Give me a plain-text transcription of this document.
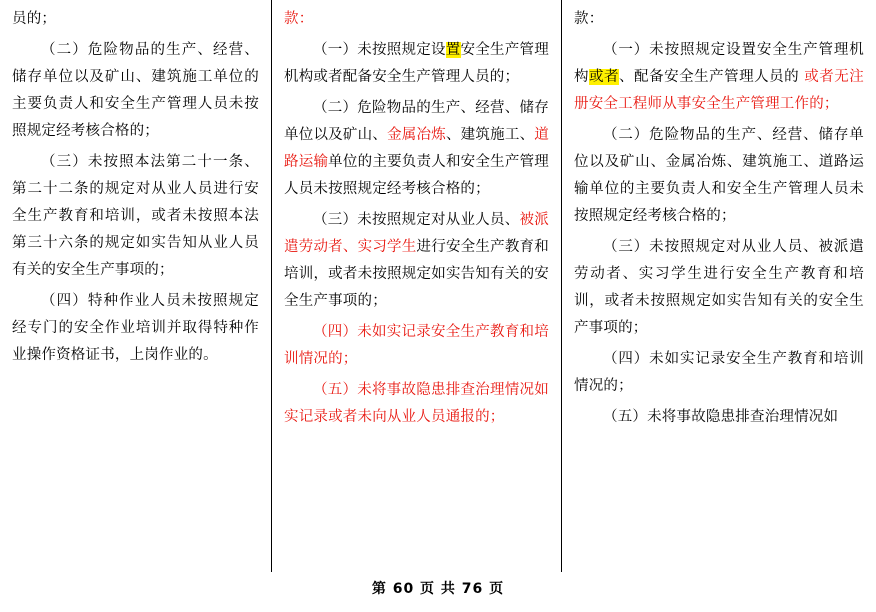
员的；

（二）危险物品的生产、经营、储存单位以及矿山、建筑施工单位的主要负责人和安全生产管理人员未按照规定经考核合格的；

（三）未按照本法第二十一条、第二十二条的规定对从业人员进行安全生产教育和培训，或者未按照本法第三十六条的规定如实告知从业人员有关的安全生产事项的；

（四）特种作业人员未按照规定经专门的安全作业培训并取得特种作业操作资格证书，上岗作业的。

款：

（一）未按照规定设置安全生产管理机构或者配备安全生产管理人员的；

（二）危险物品的生产、经营、储存单位以及矿山、金属冶炼、建筑施工、道路运输单位的主要负责人和安全生产管理人员未按照规定经考核合格的；

（三）未按照规定对从业人员、被派遣劳动者、实习学生进行安全生产教育和培训，或者未按照规定如实告知有关的安全生产事项的；

（四）未如实记录安全生产教育和培训情况的；

（五）未将事故隐患排查治理情况如实记录或者未向从业人员通报的；

款：

（一）未按照规定设置安全生产管理机构或者、配备安全生产管理人员的 或者无注册安全工程师从事安全生产管理工作的；

（二）危险物品的生产、经营、储存单位以及矿山、金属冶炼、建筑施工、道路运输单位的主要负责人和安全生产管理人员未按照规定经考核合格的；

（三）未按照规定对从业人员、被派遣劳动者、实习学生进行安全生产教育和培训，或者未按照规定如实告知有关的安全生产事项的；

（四）未如实记录安全生产教育和培训情况的；

（五）未将事故隐患排查治理情况如

第 60 页 共 76 页
